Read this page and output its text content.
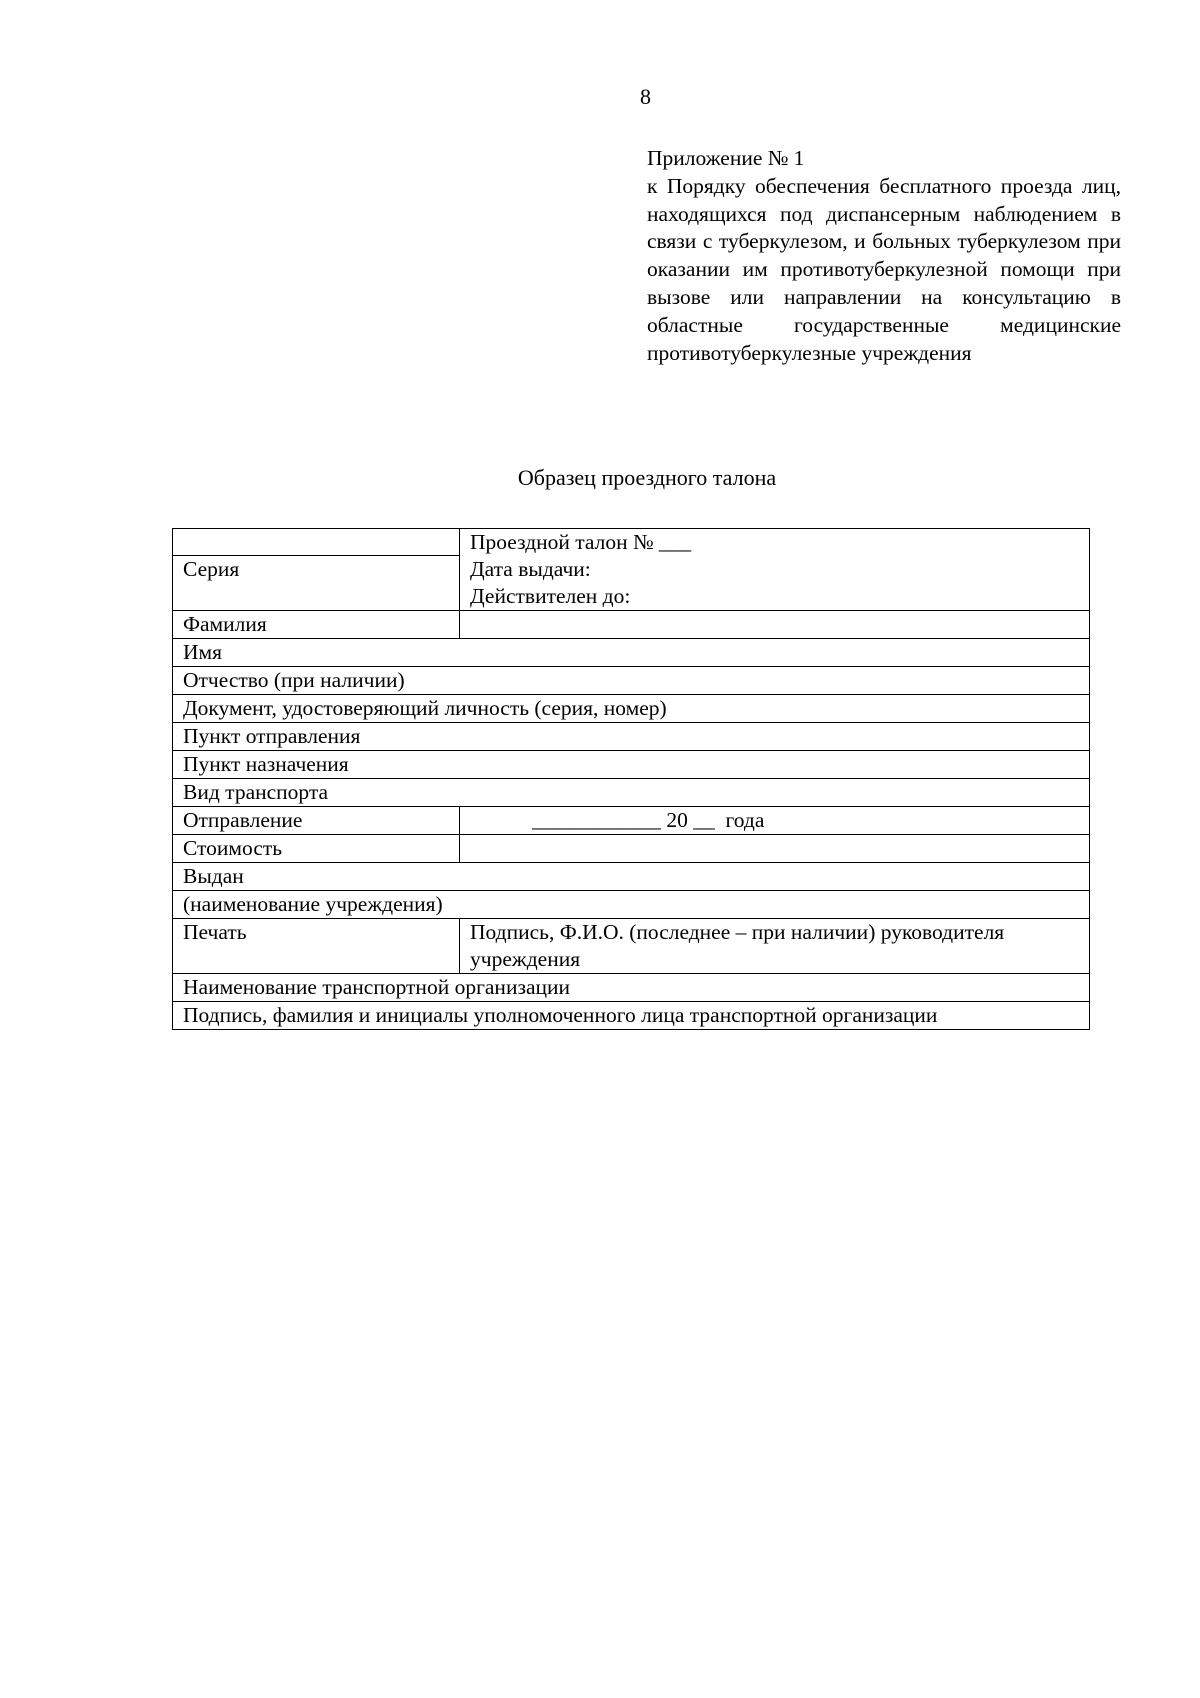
8
Приложение № 1
к Порядку обеспечения бесплатного проезда лиц, находящихся под диспансерным наблюдением в связи с туберкулезом, и больных туберкулезом при оказании им противотуберкулезной помощи при вызове или направлении на консультацию в областные государственные медицинские противотуберкулезные учреждения
Образец проездного талона
Серия	Проездной талон № ___
Дата выдачи:
Действителен до:

Фамилия	
Имя	
Отчество (при наличии)	
Документ, удостоверяющий личность (серия, номер)	
Пункт отправления	
Пункт назначения	
Вид транспорта	
Отправление	____________ 20 __  года
Стоимость	
Выдан	
(наименование учреждения)	
Печать	Подпись, Ф.И.О. (последнее – при наличии) руководителя учреждения
Наименование транспортной организации	
Подпись, фамилия и инициалы уполномоченного лица транспортной организации	
